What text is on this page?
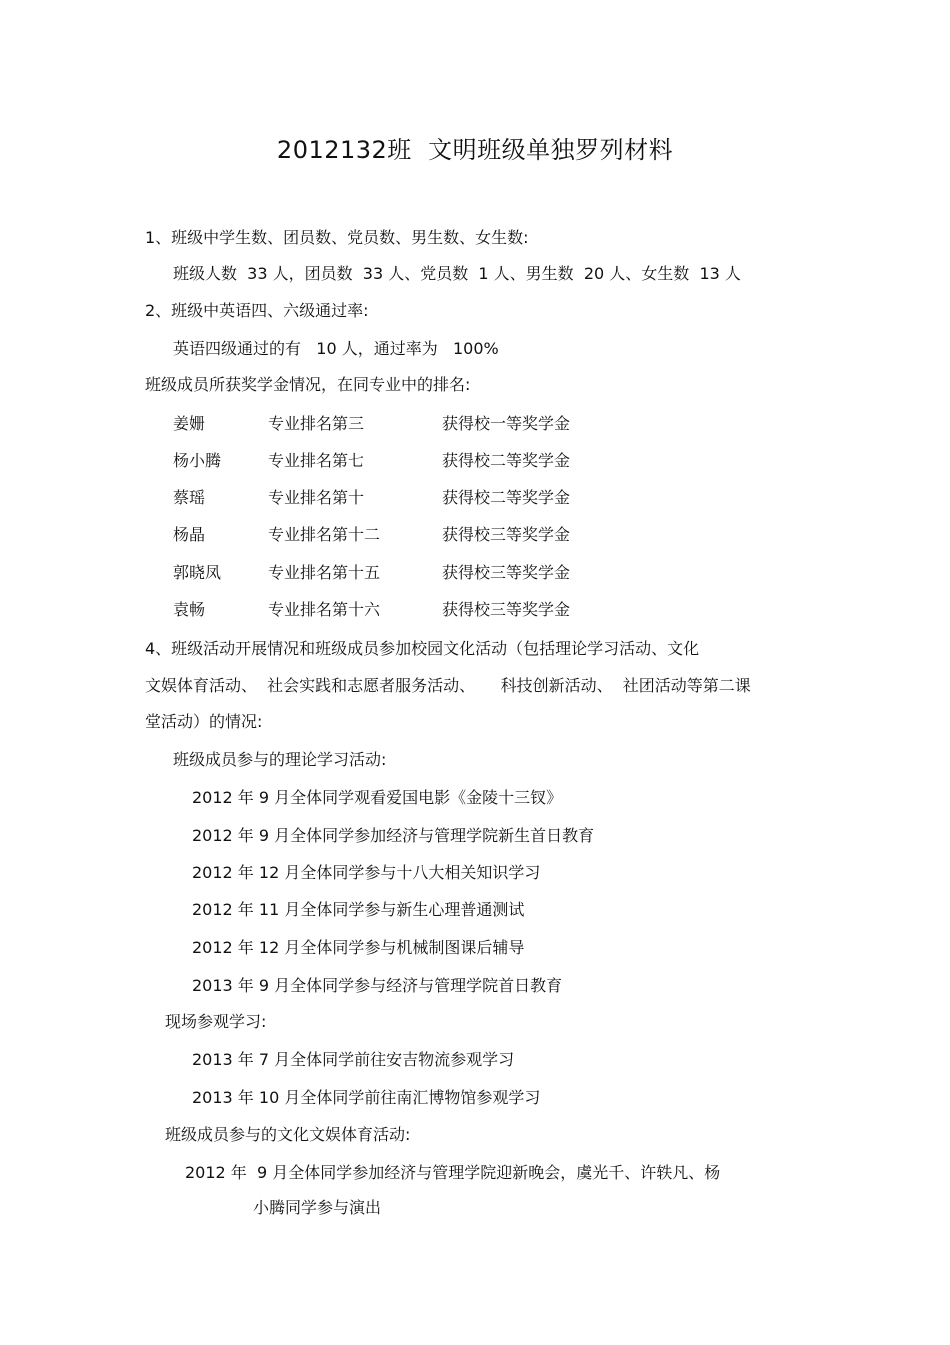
2012132班  文明班级单独罗列材料
1、班级中学生数、团员数、党员数、男生数、女生数:
班级人数  33 人，团员数  33 人、党员数  1 人、男生数  20 人、女生数  13 人
2、班级中英语四、六级通过率:
英语四级通过的有   10 人，通过率为   100%
班级成员所获奖学金情况，在同专业中的排名:
姜姗	专业排名第三	获得校一等奖学金
杨小腾	专业排名第七	获得校二等奖学金
蔡瑶	专业排名第十	获得校二等奖学金
杨晶	专业排名第十二	获得校三等奖学金
郭晓凤	专业排名第十五	获得校三等奖学金
袁畅	专业排名第十六	获得校三等奖学金
4、班级活动开展情况和班级成员参加校园文化活动（包括理论学习活动、文化
文娱体育活动、  社会实践和志愿者服务活动、     科技创新活动、  社团活动等第二课
堂活动）的情况:
班级成员参与的理论学习活动:
2012 年 9 月全体同学观看爱国电影《金陵十三钗》
2012 年 9 月全体同学参加经济与管理学院新生首日教育
2012 年 12 月全体同学参与十八大相关知识学习
2012 年 11 月全体同学参与新生心理普通测试
2012 年 12 月全体同学参与机械制图课后辅导
2013 年 9 月全体同学参与经济与管理学院首日教育
现场参观学习:
2013 年 7 月全体同学前往安吉物流参观学习
2013 年 10 月全体同学前往南汇博物馆参观学习
班级成员参与的文化文娱体育活动:
2012 年  9 月全体同学参加经济与管理学院迎新晚会，虞光千、许轶凡、杨
小腾同学参与演出
